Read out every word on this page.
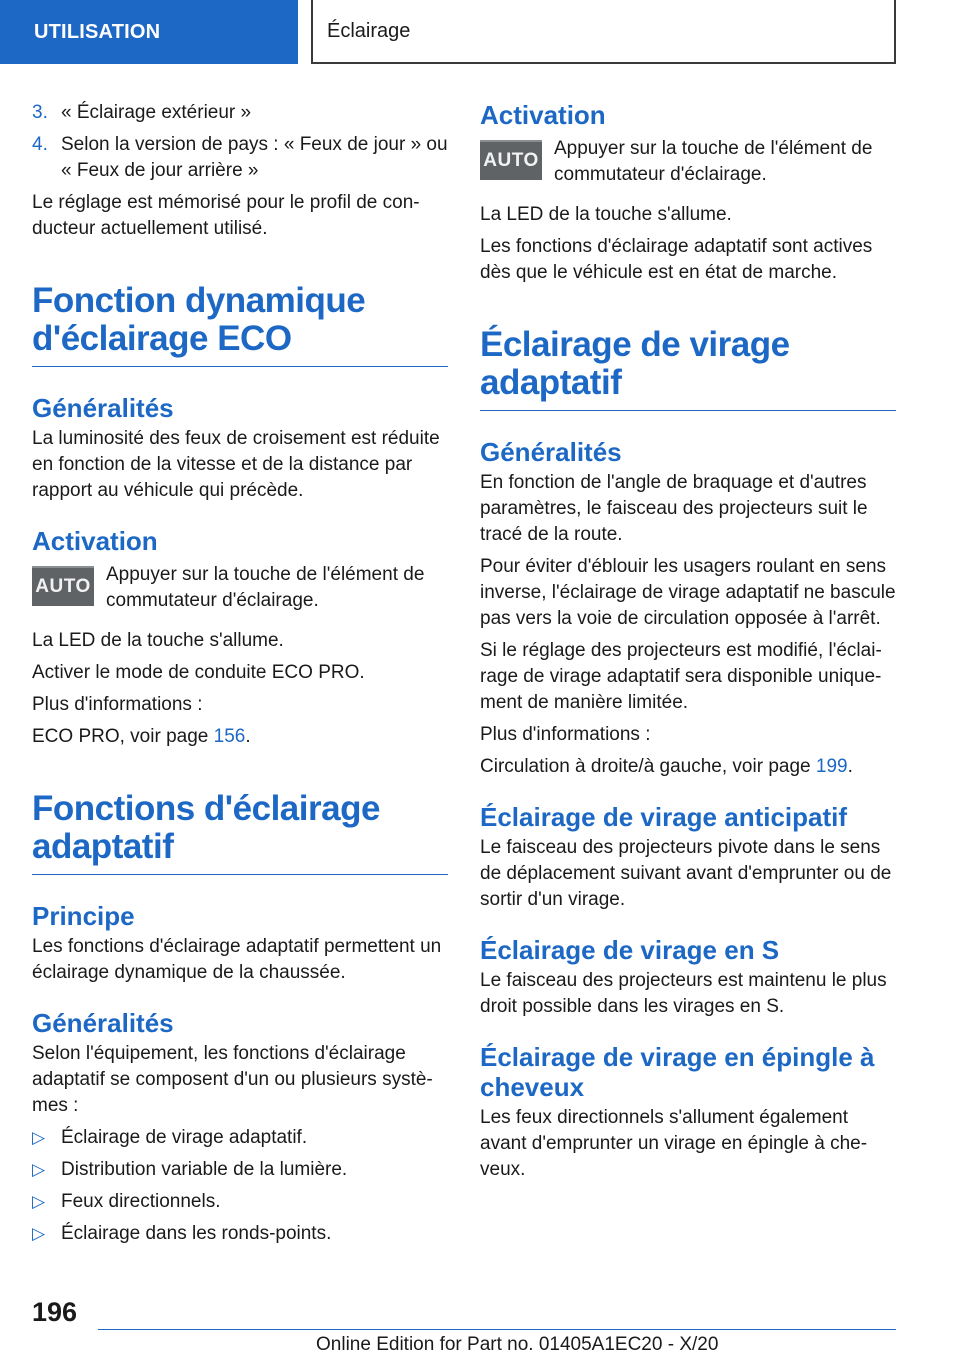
UTILISATION	Éclairage
3. « Éclairage extérieur »
4. Selon la version de pays : « Feux de jour » ou « Feux de jour arrière »

Le réglage est mémorisé pour le profil de con-ducteur actuellement utilisé.

Fonction dynamique d'éclairage ECO
Généralités

La luminosité des feux de croisement est réduite en fonction de la vitesse et de la distance par rapport au véhicule qui précède.

Activation
AUTO
Appuyer sur la touche de l'élément de commutateur d'éclairage.

La LED de la touche s'allume.

Activer le mode de conduite ECO PRO.

Plus d'informations :

ECO PRO, voir page 156.

Fonctions d'éclairage adaptatif
Principe

Les fonctions d'éclairage adaptatif permettent un éclairage dynamique de la chaussée.

Généralités

Selon l'équipement, les fonctions d'éclairage adaptatif se composent d'un ou plusieurs systè-mes :

▷ Éclairage de virage adaptatif.
▷ Distribution variable de la lumière.
▷ Feux directionnels.
▷ Éclairage dans les ronds-points.
Activation
AUTO
Appuyer sur la touche de l'élément de commutateur d'éclairage.

La LED de la touche s'allume.

Les fonctions d'éclairage adaptatif sont actives dès que le véhicule est en état de marche.

Éclairage de virage adaptatif
Généralités

En fonction de l'angle de braquage et d'autres paramètres, le faisceau des projecteurs suit le tracé de la route.

Pour éviter d'éblouir les usagers roulant en sens inverse, l'éclairage de virage adaptatif ne bascule pas vers la voie de circulation opposée à l'arrêt.

Si le réglage des projecteurs est modifié, l'éclai-rage de virage adaptatif sera disponible unique-ment de manière limitée.

Plus d'informations :

Circulation à droite/à gauche, voir page 199.

Éclairage de virage anticipatif

Le faisceau des projecteurs pivote dans le sens de déplacement suivant avant d'emprunter ou de sortir d'un virage.

Éclairage de virage en S

Le faisceau des projecteurs est maintenu le plus droit possible dans les virages en S.

Éclairage de virage en épingle à cheveux

Les feux directionnels s'allument également avant d'emprunter un virage en épingle à che-veux.

196
Online Edition for Part no. 01405A1EC20 - X/20
